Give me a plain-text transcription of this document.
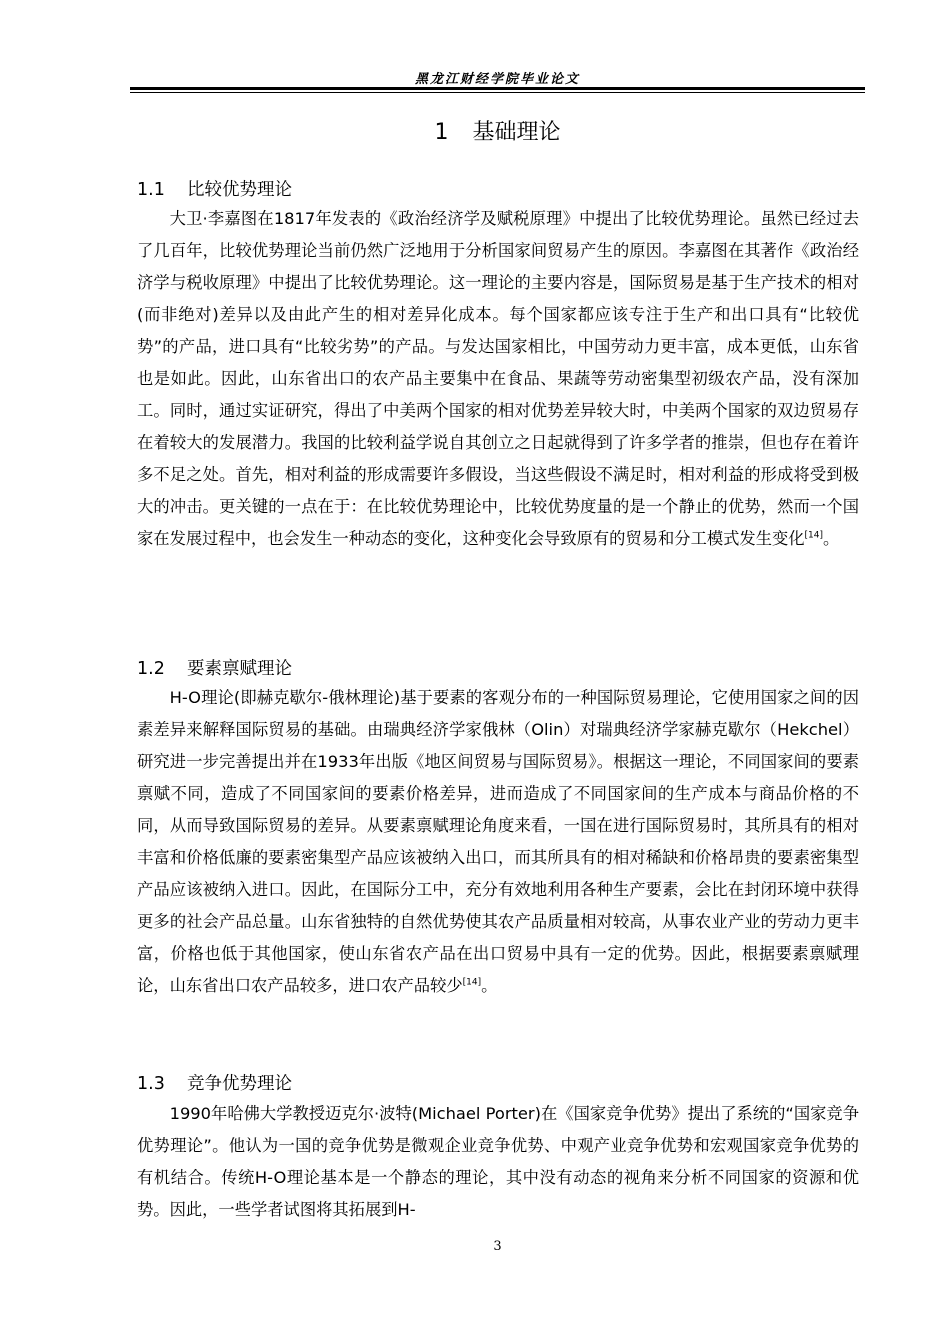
黑龙江财经学院毕业论文
1 基础理论
1.1 比较优势理论

大卫·李嘉图在1817年发表的《政治经济学及赋税原理》中提出了比较优势理论。虽然已经过去了几百年，比较优势理论当前仍然广泛地用于分析国家间贸易产生的原因。李嘉图在其著作《政治经济学与税收原理》中提出了比较优势理论。这一理论的主要内容是，国际贸易是基于生产技术的相对(而非绝对)差异以及由此产生的相对差异化成本。每个国家都应该专注于生产和出口具有“比较优势”的产品，进口具有“比较劣势”的产品。与发达国家相比，中国劳动力更丰富，成本更低，山东省也是如此。因此，山东省出口的农产品主要集中在食品、果蔬等劳动密集型初级农产品，没有深加工。同时，通过实证研究，得出了中美两个国家的相对优势差异较大时，中美两个国家的双边贸易存在着较大的发展潜力。我国的比较利益学说自其创立之日起就得到了许多学者的推崇，但也存在着许多不足之处。首先，相对利益的形成需要许多假设，当这些假设不满足时，相对利益的形成将受到极大的冲击。更关键的一点在于：在比较优势理论中，比较优势度量的是一个静止的优势，然而一个国家在发展过程中，也会发生一种动态的变化，这种变化会导致原有的贸易和分工模式发生变化[14]。

1.2 要素禀赋理论

H-O理论(即赫克歇尔-俄林理论)基于要素的客观分布的一种国际贸易理论，它使用国家之间的因素差异来解释国际贸易的基础。由瑞典经济学家俄林（Olin）对瑞典经济学家赫克歇尔（Hekchel）研究进一步完善提出并在1933年出版《地区间贸易与国际贸易》。根据这一理论，不同国家间的要素禀赋不同，造成了不同国家间的要素价格差异，进而造成了不同国家间的生产成本与商品价格的不同，从而导致国际贸易的差异。从要素禀赋理论角度来看，一国在进行国际贸易时，其所具有的相对丰富和价格低廉的要素密集型产品应该被纳入出口，而其所具有的相对稀缺和价格昂贵的要素密集型产品应该被纳入进口。因此，在国际分工中，充分有效地利用各种生产要素，会比在封闭环境中获得更多的社会产品总量。山东省独特的自然优势使其农产品质量相对较高，从事农业产业的劳动力更丰富，价格也低于其他国家，使山东省农产品在出口贸易中具有一定的优势。因此，根据要素禀赋理论，山东省出口农产品较多，进口农产品较少[14]。

1.3 竞争优势理论

1990年哈佛大学教授迈克尔·波特(Michael Porter)在《国家竞争优势》提出了系统的“国家竞争优势理论”。他认为一国的竞争优势是微观企业竞争优势、中观产业竞争优势和宏观国家竞争优势的有机结合。传统H-O理论基本是一个静态的理论，其中没有动态的视角来分析不同国家的资源和优势。因此，一些学者试图将其拓展到H-

3
